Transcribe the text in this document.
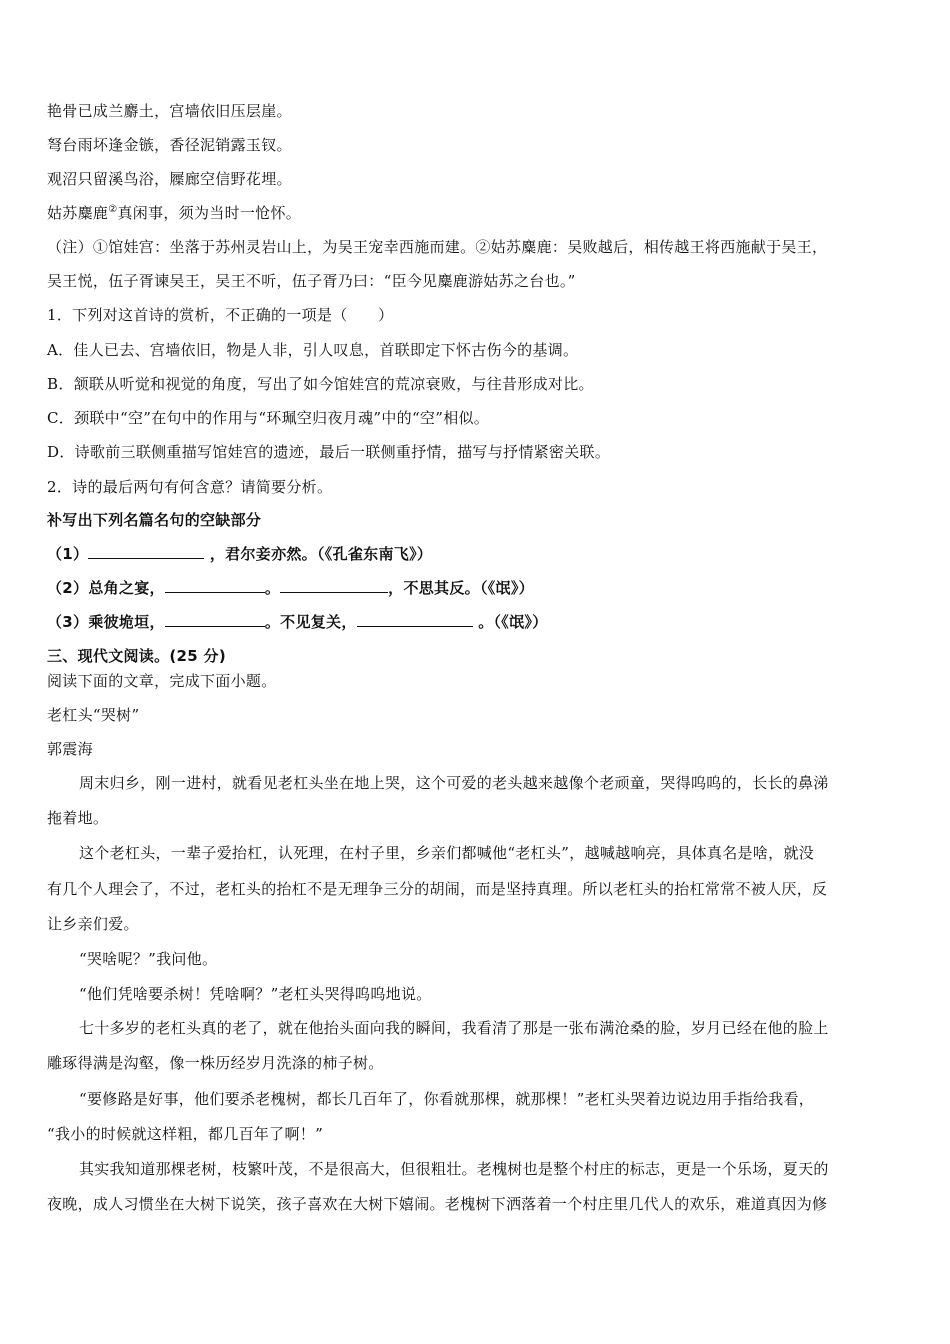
艳骨已成兰麝土，宫墙依旧压层崖。
弩台雨坏逢金镞，香径泥销露玉钗。
观沼只留溪鸟浴，屧廊空信野花埋。
姑苏麋鹿②真闲事，须为当时一怆怀。
（注）①馆娃宫：坐落于苏州灵岩山上，为吴王宠幸西施而建。②姑苏麋鹿：吴败越后，相传越王将西施献于吴王，
吴王悦，伍子胥谏吴王，吴王不听，伍子胥乃曰：“臣今见麋鹿游姑苏之台也。”
1．下列对这首诗的赏析，不正确的一项是（　　）
A．佳人已去、宫墙依旧，物是人非，引人叹息，首联即定下怀古伤今的基调。
B．颔联从听觉和视觉的角度，写出了如今馆娃宫的荒凉衰败，与往昔形成对比。
C．颈联中“空”在句中的作用与“环珮空归夜月魂”中的“空”相似。
D．诗歌前三联侧重描写馆娃宫的遗迹，最后一联侧重抒情，描写与抒情紧密关联。
2．诗的最后两句有何含意？请简要分析。
补写出下列名篇名句的空缺部分
（1）	，君尔妾亦然。（《孔雀东南飞》）
（2）总角之宴，	。	，不思其反。（《氓》）
（3）乘彼垝垣，	。不见复关，	。（《氓》）
三、现代文阅读。(25 分)
阅读下面的文章，完成下面小题。
老杠头“哭树”
郭震海
周末归乡，刚一进村，就看见老杠头坐在地上哭，这个可爱的老头越来越像个老顽童，哭得呜呜的，长长的鼻涕
拖着地。
这个老杠头，一辈子爱抬杠，认死理，在村子里，乡亲们都喊他“老杠头”，越喊越响亮，具体真名是啥，就没
有几个人理会了，不过，老杠头的抬杠不是无理争三分的胡闹，而是坚持真理。所以老杠头的抬杠常常不被人厌，反
让乡亲们爱。
“哭啥呢？”我问他。
“他们凭啥要杀树！凭啥啊？”老杠头哭得呜呜地说。
七十多岁的老杠头真的老了，就在他抬头面向我的瞬间，我看清了那是一张布满沧桑的脸，岁月已经在他的脸上
雕琢得满是沟壑，像一株历经岁月洗涤的柿子树。
“要修路是好事，他们要杀老槐树，都长几百年了，你看就那棵，就那棵！”老杠头哭着边说边用手指给我看，
“我小的时候就这样粗，都几百年了啊！”
其实我知道那棵老树，枝繁叶茂，不是很高大，但很粗壮。老槐树也是整个村庄的标志，更是一个乐场，夏天的
夜晚，成人习惯坐在大树下说笑，孩子喜欢在大树下嬉闹。老槐树下洒落着一个村庄里几代人的欢乐，难道真因为修
